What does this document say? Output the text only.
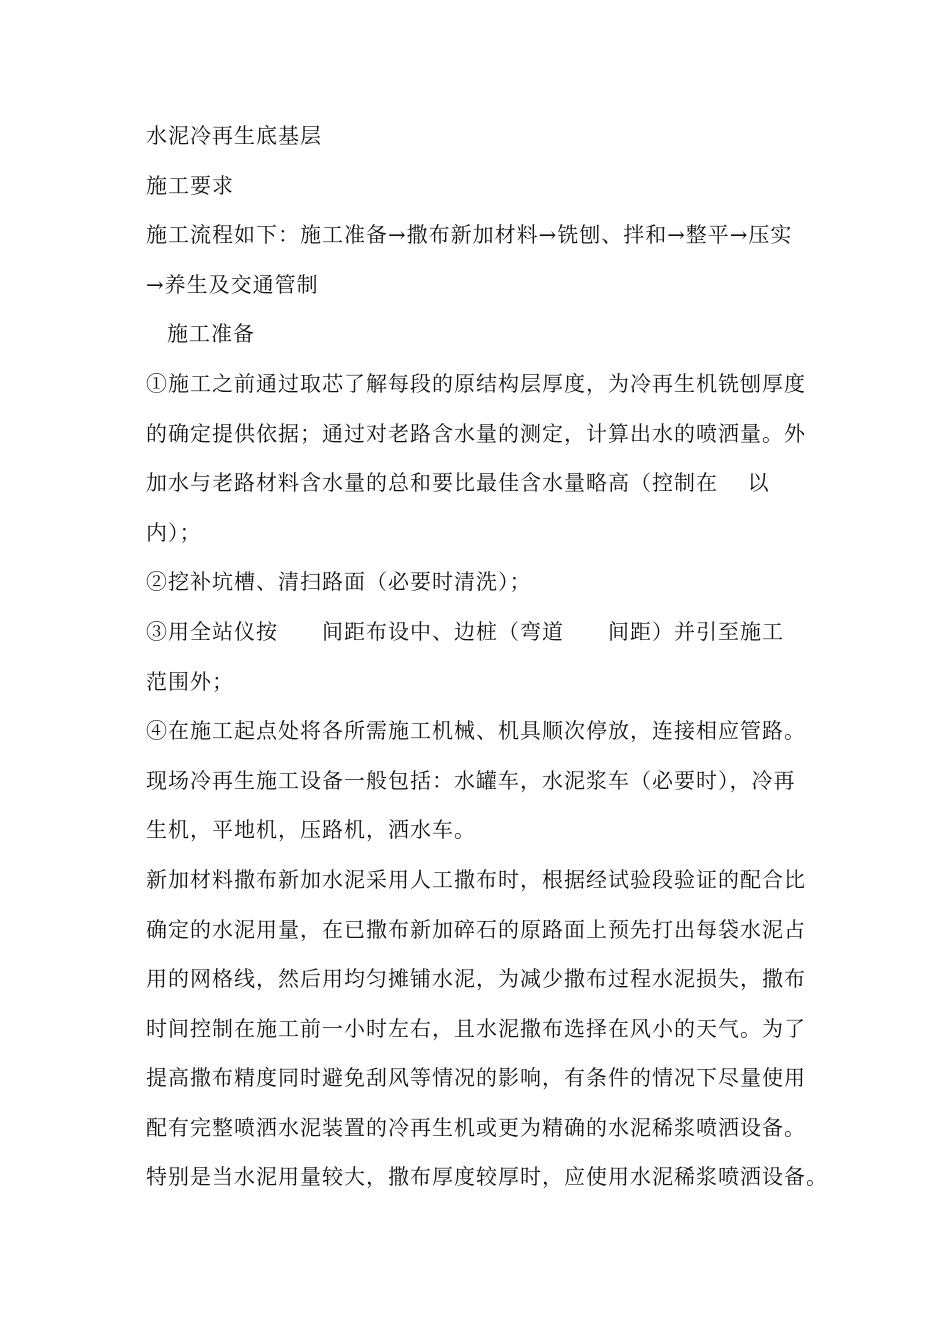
水泥冷再生底基层
施工要求
施工流程如下：施工准备→撒布新加材料→铣刨、拌和→整平→压实
→养生及交通管制
施工准备
①施工之前通过取芯了解每段的原结构层厚度，为冷再生机铣刨厚度
的确定提供依据；通过对老路含水量的测定，计算出水的喷洒量。外
加水与老路材料含水量的总和要比最佳含水量略高（控制在　 以
内）；
②挖补坑槽、清扫路面（必要时清洗）；
③用全站仪按　　间距布设中、边桩（弯道　　间距）并引至施工
范围外；
④在施工起点处将各所需施工机械、机具顺次停放，连接相应管路。
现场冷再生施工设备一般包括：水罐车，水泥浆车（必要时），冷再
生机，平地机，压路机，洒水车。
新加材料撒布新加水泥采用人工撒布时，根据经试验段验证的配合比
确定的水泥用量，在已撒布新加碎石的原路面上预先打出每袋水泥占
用的网格线，然后用均匀摊铺水泥，为减少撒布过程水泥损失，撒布
时间控制在施工前一小时左右，且水泥撒布选择在风小的天气。为了
提高撒布精度同时避免刮风等情况的影响，有条件的情况下尽量使用
配有完整喷洒水泥装置的冷再生机或更为精确的水泥稀浆喷洒设备。
特别是当水泥用量较大，撒布厚度较厚时，应使用水泥稀浆喷洒设备。
